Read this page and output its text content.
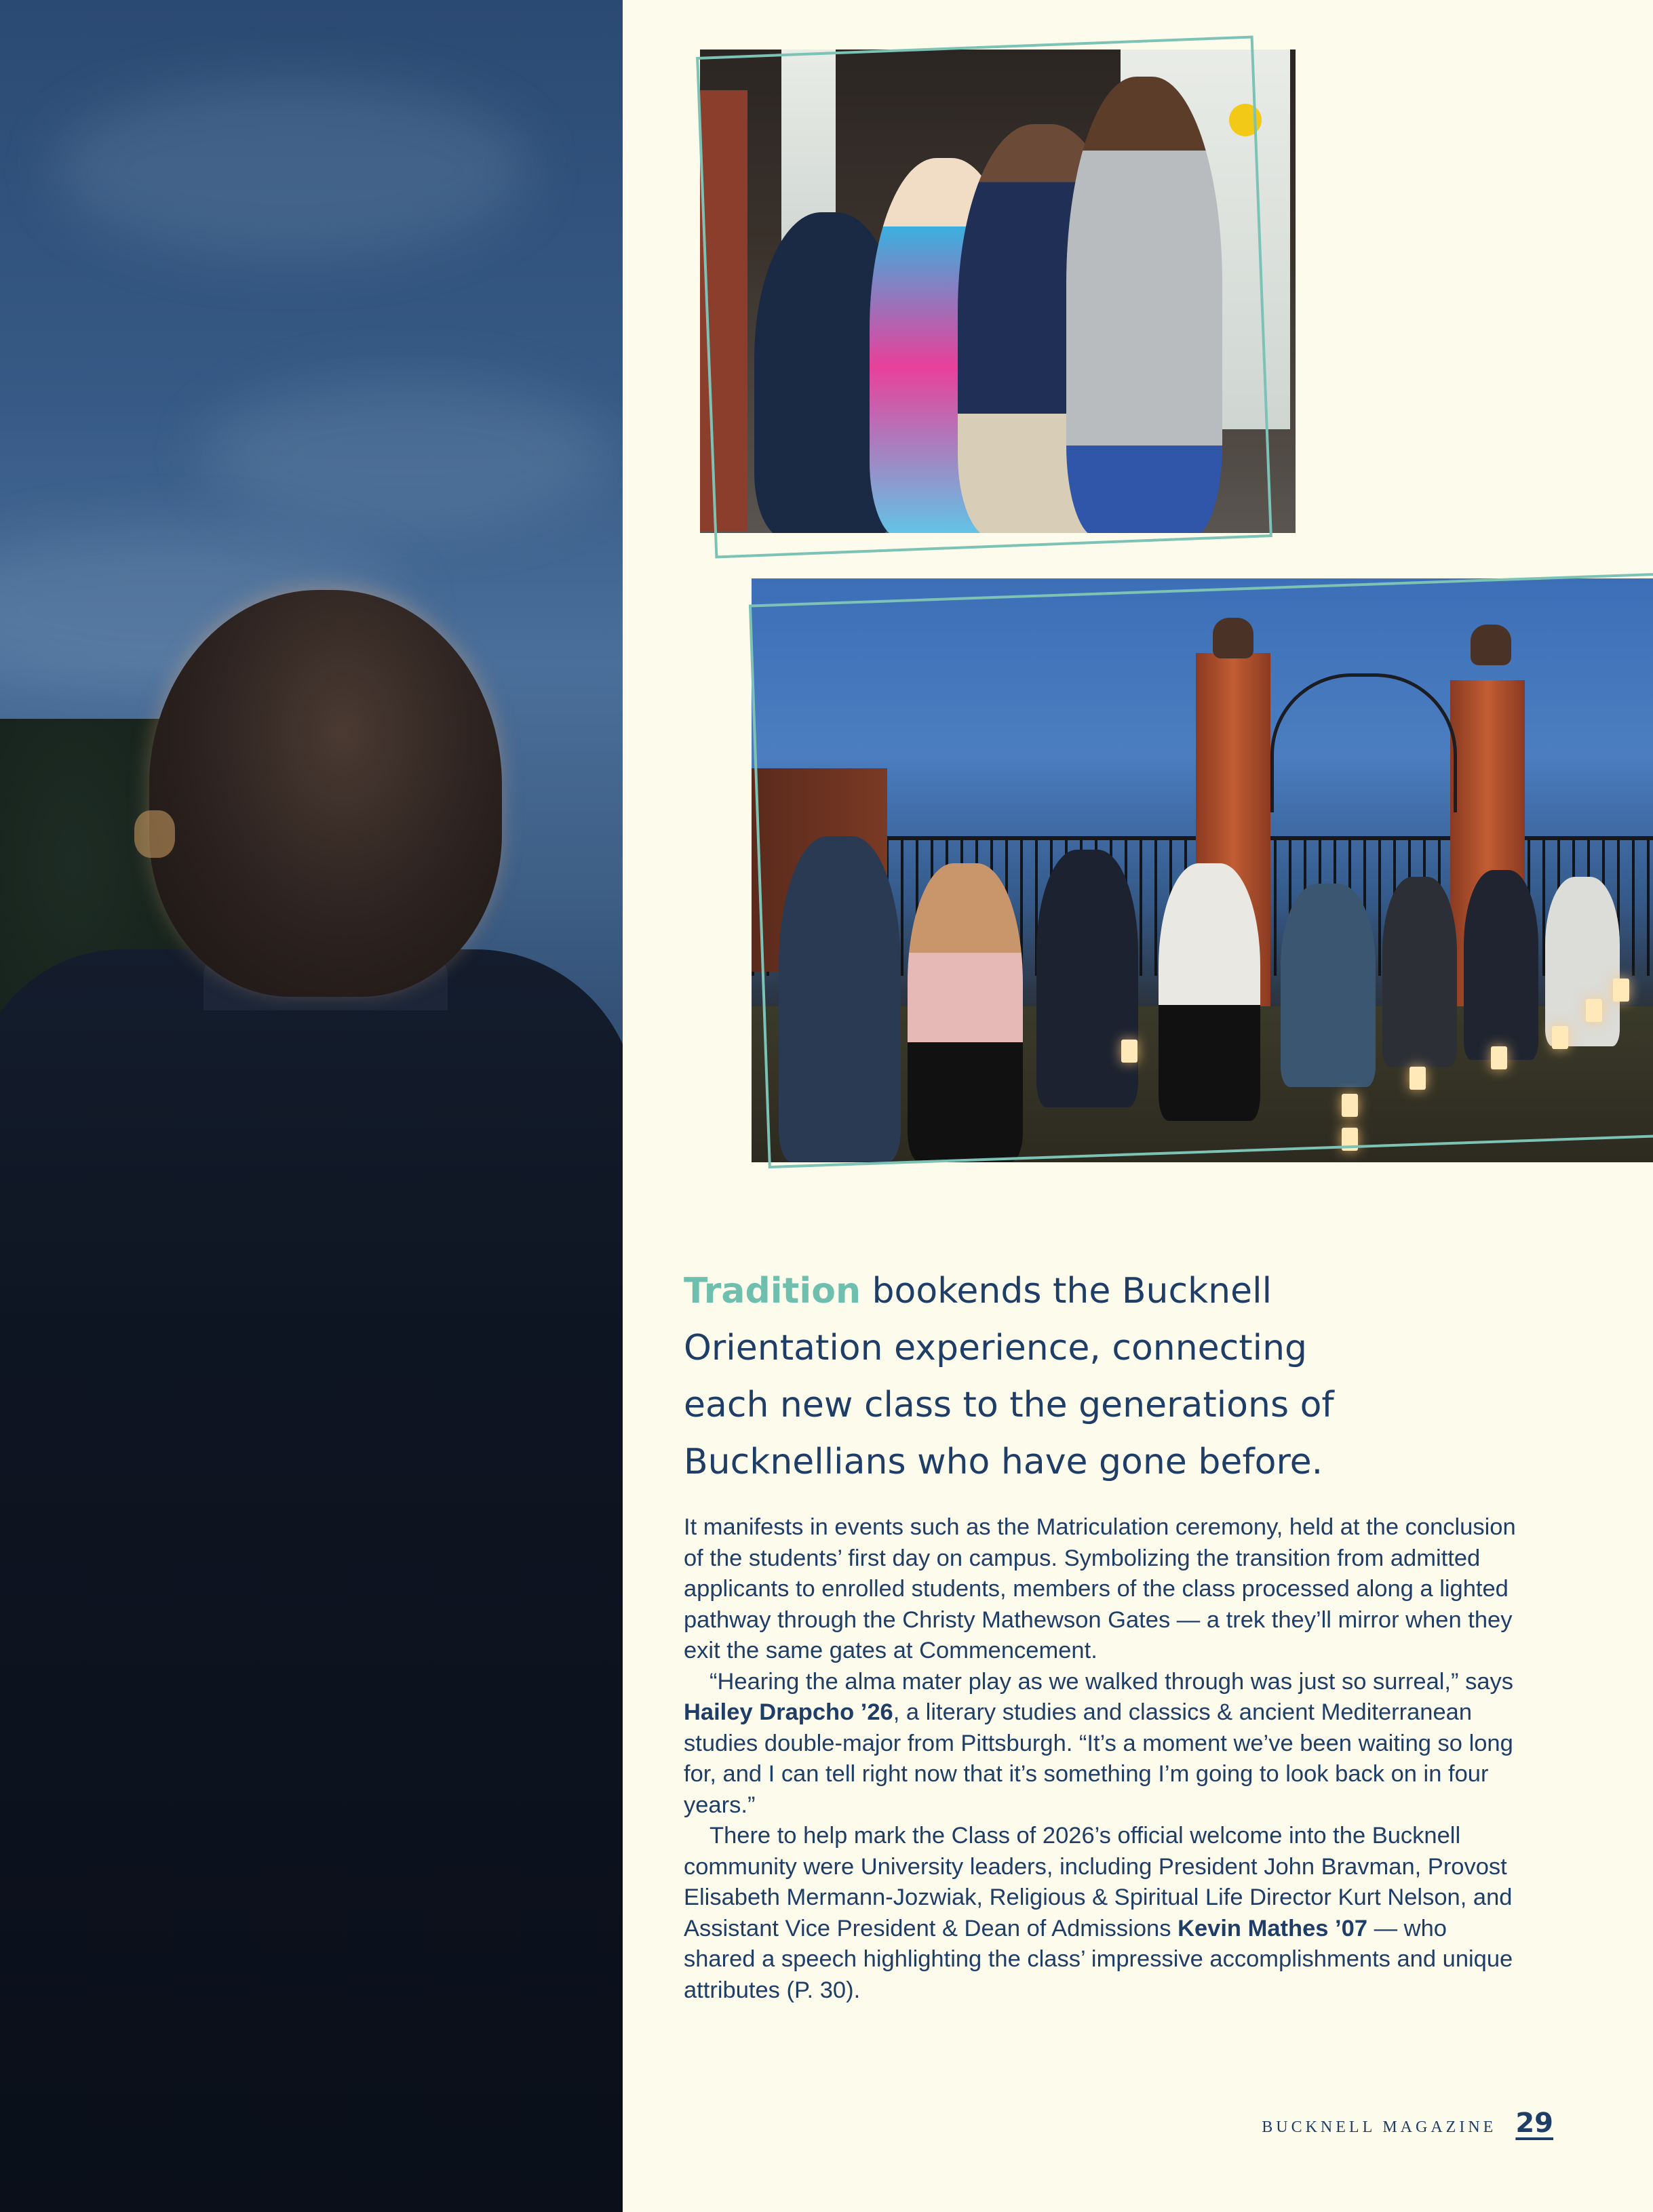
Tradition bookends the Bucknell Orientation experience, connecting each new class to the generations of Bucknellians who have gone before.

It manifests in events such as the Matriculation ceremony, held at the conclusion of the students’ first day on campus. Symbolizing the transition from admitted applicants to enrolled students, members of the class processed along a lighted pathway through the Christy Mathewson Gates — a trek they’ll mirror when they exit the same gates at Commencement.

“Hearing the alma mater play as we walked through was just so surreal,” says Hailey Drapcho ’26, a literary studies and classics & ancient Mediterranean studies double-major from Pittsburgh. “It’s a moment we’ve been waiting so long for, and I can tell right now that it’s something I’m going to look back on in four years.”

There to help mark the Class of 2026’s official welcome into the Bucknell community were University leaders, including President John Bravman, Provost Elisabeth Mermann-Jozwiak, Religious & Spiritual Life Director Kurt Nelson, and Assistant Vice President & Dean of Admissions Kevin Mathes ’07 — who shared a speech highlighting the class’ impressive accomplishments and unique attributes (P. 30).

BUCKNELL MAGAZINE 29
